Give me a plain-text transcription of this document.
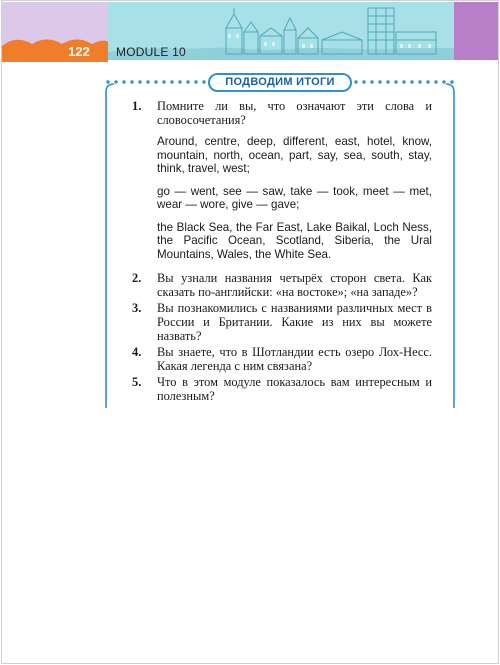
122	MODULE 10
ПОДВОДИМ ИТОГИ
1. Помните ли вы, что означают эти слова и словосочетания?
Around, centre, deep, different, east, hotel, know, mountain, north, ocean, part, say, sea, south, stay, think, travel, west;
go — went, see — saw, take — took, meet — met, wear — wore, give — gave;
the Black Sea, the Far East, Lake Baikal, Loch Ness, the Pacific Ocean, Scotland, Siberia, the Ural Mountains, Wales, the White Sea.
2. Вы узнали названия четырёх сторон света. Как сказать по-английски: «на востоке»; «на западе»?
3. Вы познакомились с названиями различных мест в России и Британии. Какие из них вы можете назвать?
4. Вы знаете, что в Шотландии есть озеро Лох-Несс. Какая легенда с ним связана?
5. Что в этом модуле показалось вам интересным и полезным?
